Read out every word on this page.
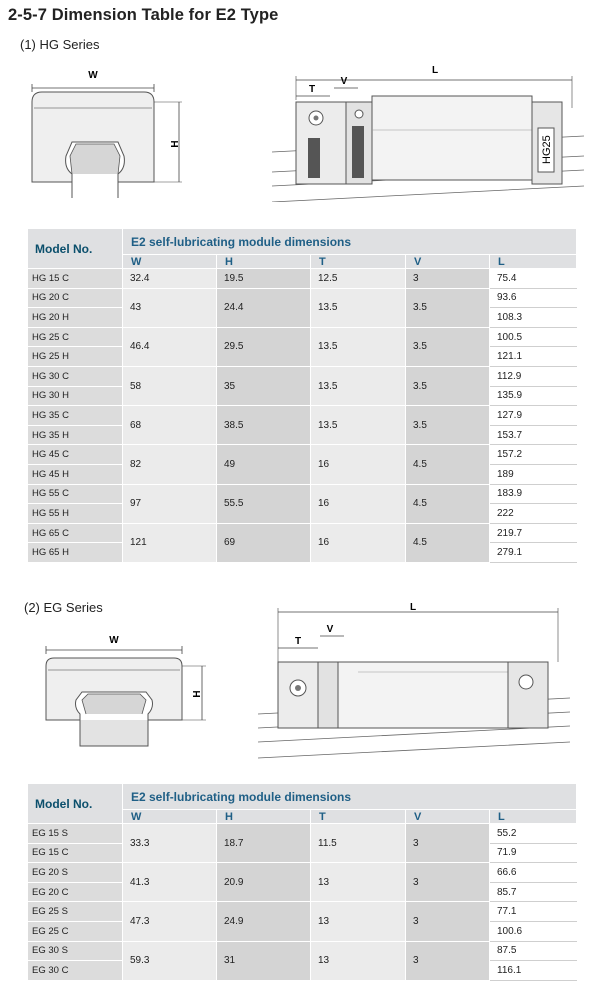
2-5-7 Dimension Table for E2 Type
(1) HG Series
W
H
L
T
V
HG25
Model No.	E2 self-lubricating module dimensions				
	W	H	T	V	L
HG 15 C	32.4	19.5	12.5	3	75.4
HG 20 C	43	24.4	13.5	3.5	93.6
HG 20 H					108.3
HG 25 C	46.4	29.5	13.5	3.5	100.5
HG 25 H					121.1
HG 30 C	58	35	13.5	3.5	112.9
HG 30 H					135.9
HG 35 C	68	38.5	13.5	3.5	127.9
HG 35 H					153.7
HG 45 C	82	49	16	4.5	157.2
HG 45 H					189
HG 55 C	97	55.5	16	4.5	183.9
HG 55 H					222
HG 65 C	121	69	16	4.5	219.7
HG 65 H					279.1
(2) EG Series
W
H
L
T
V
Model No.	E2 self-lubricating module dimensions				
	W	H	T	V	L
EG 15 S	33.3	18.7	11.5	3	55.2
EG 15 C					71.9
EG 20 S	41.3	20.9	13	3	66.6
EG 20 C					85.7
EG 25 S	47.3	24.9	13	3	77.1
EG 25 C					100.6
EG 30 S	59.3	31	13	3	87.5
EG 30 C					116.1
